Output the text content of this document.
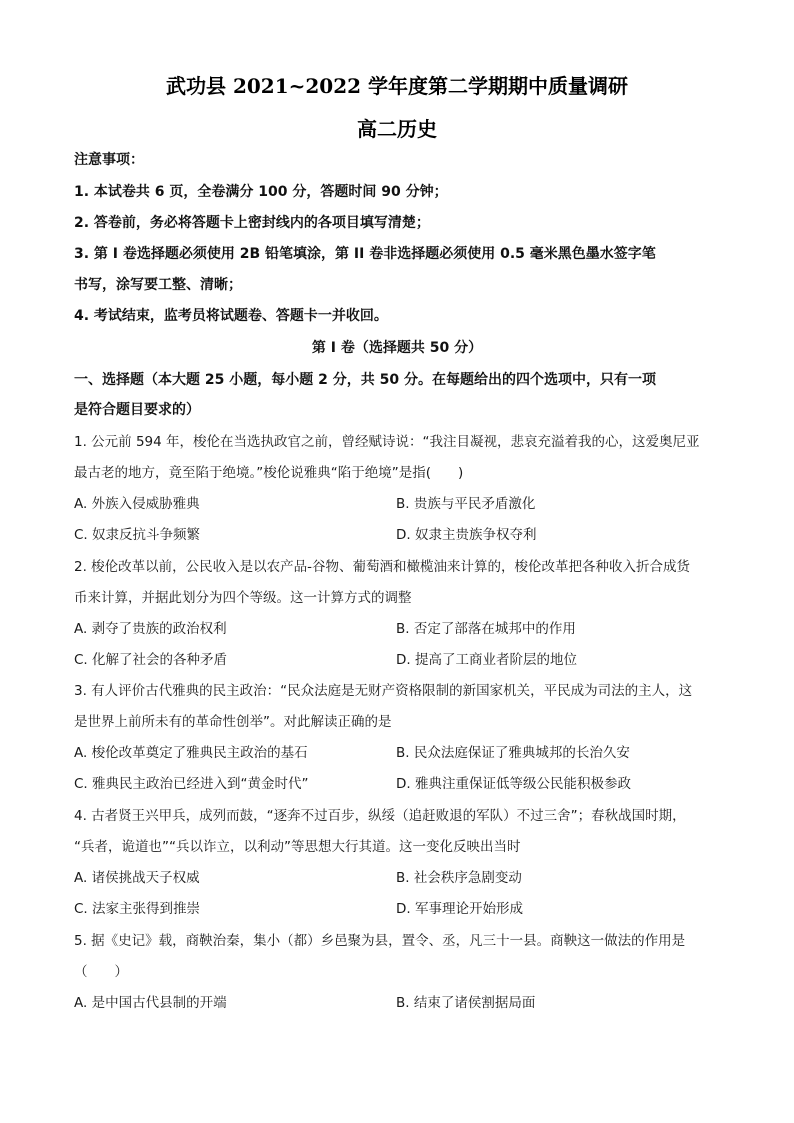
武功县 2021~2022 学年度第二学期期中质量调研
高二历史
注意事项：
1. 本试卷共 6 页，全卷满分 100 分，答题时间 90 分钟；
2. 答卷前，务必将答题卡上密封线内的各项目填写清楚；
3. 第 I 卷选择题必须使用 2B 铅笔填涂，第 II 卷非选择题必须使用 0.5 毫米黑色墨水签字笔
书写，涂写要工整、清晰；
4. 考试结束，监考员将试题卷、答题卡一并收回。
第 I 卷（选择题共 50 分）
一、选择题（本大题 25 小题，每小题 2 分，共 50 分。在每题给出的四个选项中，只有一项
是符合题目要求的）
1. 公元前 594 年，梭伦在当选执政官之前，曾经赋诗说：“我注目凝视，悲哀充溢着我的心，这爱奥尼亚
最古老的地方，竟至陷于绝境。”梭伦说雅典“陷于绝境”是指(　　)
A. 外族入侵威胁雅典	B. 贵族与平民矛盾激化
C. 奴隶反抗斗争频繁	D. 奴隶主贵族争权夺利
2. 梭伦改革以前，公民收入是以农产品-谷物、葡萄酒和橄榄油来计算的，梭伦改革把各种收入折合成货
币来计算，并据此划分为四个等级。这一计算方式的调整
A. 剥夺了贵族的政治权利	B. 否定了部落在城邦中的作用
C. 化解了社会的各种矛盾	D. 提高了工商业者阶层的地位
3. 有人评价古代雅典的民主政治：“民众法庭是无财产资格限制的新国家机关，平民成为司法的主人，这
是世界上前所未有的革命性创举”。对此解读正确的是
A. 梭伦改革奠定了雅典民主政治的基石	B. 民众法庭保证了雅典城邦的长治久安
C. 雅典民主政治已经进入到“黄金时代”	D. 雅典注重保证低等级公民能积极参政
4. 古者贤王兴甲兵，成列而鼓，“逐奔不过百步，纵绥（追赶败退的军队）不过三舍”；春秋战国时期，
“兵者，诡道也”“兵以诈立，以利动”等思想大行其道。这一变化反映出当时
A. 诸侯挑战天子权威	B. 社会秩序急剧变动
C. 法家主张得到推崇	D. 军事理论开始形成
5. 据《史记》载，商鞅治秦，集小（都）乡邑聚为县，置令、丞，凡三十一县。商鞅这一做法的作用是
（　　）
A. 是中国古代县制的开端	B. 结束了诸侯割据局面
